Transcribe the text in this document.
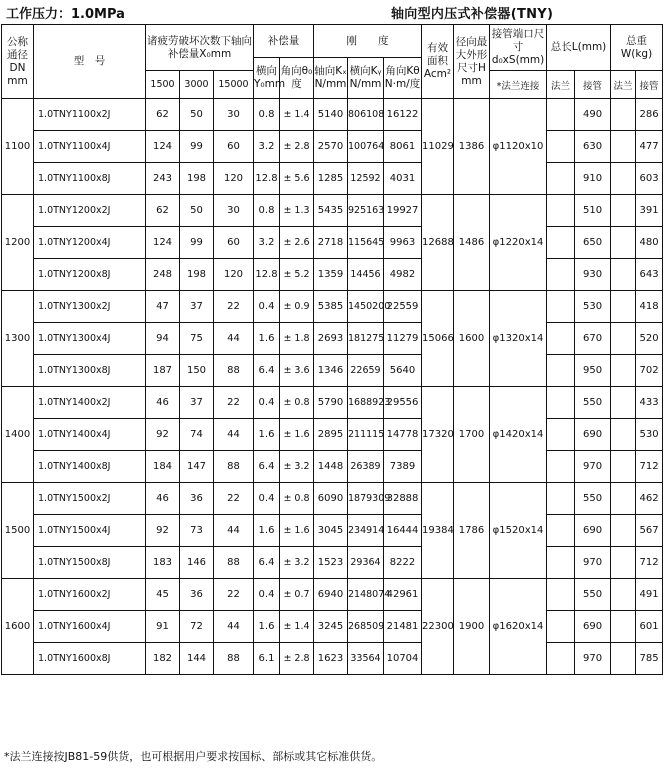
工作压力：1.0MPa	轴向型内压式补偿器(TNY)
公称通径DN mm	型　号	诸疲劳破坏次数下轴向补偿量X₀mm			补偿量		刚　　度			有效面积Acm²	径向最大外形尺寸H mm	接管端口尺寸d₀xS(mm)	总长L(mm)		总重W(kg)	
					横向Y₀mm	角向θ₀度	轴向Kₓ N/mm	横向Kᵧ N/mm	角向Kθ N·m/度							
		1500	3000	15000								*法兰连接	法兰	接管	法兰	接管
1100	1.0TNY1100x2J	62	50	30	0.8	± 1.4	5140	806108	16122	11029	1386	φ1120x10		490		286
	1.0TNY1100x4J	124	99	60	3.2	± 2.8	2570	100764	8061					630		477
	1.0TNY1100x8J	243	198	120	12.8	± 5.6	1285	12592	4031					910		603
1200	1.0TNY1200x2J	62	50	30	0.8	± 1.3	5435	925163	19927	12688	1486	φ1220x14		510		391
	1.0TNY1200x4J	124	99	60	3.2	± 2.6	2718	115645	9963					650		480
	1.0TNY1200x8J	248	198	120	12.8	± 5.2	1359	14456	4982					930		643
1300	1.0TNY1300x2J	47	37	22	0.4	± 0.9	5385	1450200	22559	15066	1600	φ1320x14		530		418
	1.0TNY1300x4J	94	75	44	1.6	± 1.8	2693	181275	11279					670		520
	1.0TNY1300x8J	187	150	88	6.4	± 3.6	1346	22659	5640					950		702
1400	1.0TNY1400x2J	46	37	22	0.4	± 0.8	5790	1688923	29556	17320	1700	φ1420x14		550		433
	1.0TNY1400x4J	92	74	44	1.6	± 1.6	2895	211115	14778					690		530
	1.0TNY1400x8J	184	147	88	6.4	± 3.2	1448	26389	7389					970		712
1500	1.0TNY1500x2J	46	36	22	0.4	± 0.8	6090	1879309	32888	19384	1786	φ1520x14		550		462
	1.0TNY1500x4J	92	73	44	1.6	± 1.6	3045	234914	16444					690		567
	1.0TNY1500x8J	183	146	88	6.4	± 3.2	1523	29364	8222					970		712
1600	1.0TNY1600x2J	45	36	22	0.4	± 0.7	6940	2148074	42961	22300	1900	φ1620x14		550		491
	1.0TNY1600x4J	91	72	44	1.6	± 1.4	3245	268509	21481					690		601
	1.0TNY1600x8J	182	144	88	6.1	± 2.8	1623	33564	10704					970		785
*法兰连接按JB81-59供货，也可根据用户要求按国标、部标或其它标准供货。
